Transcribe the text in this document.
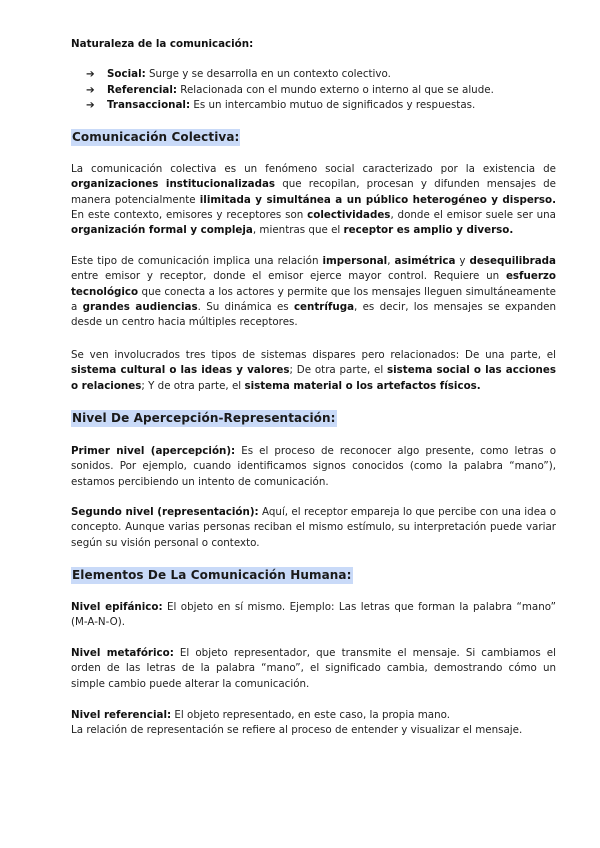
Naturaleza de la comunicación:

➔ Social: Surge y se desarrolla en un contexto colectivo.
➔ Referencial: Relacionada con el mundo externo o interno al que se alude.
➔ Transaccional: Es un intercambio mutuo de significados y respuestas.
Comunicación Colectiva:

La comunicación colectiva es un fenómeno social caracterizado por la existencia de organizaciones institucionalizadas que recopilan, procesan y difunden mensajes de manera potencialmente ilimitada y simultánea a un público heterogéneo y disperso. En este contexto, emisores y receptores son colectividades, donde el emisor suele ser una organización formal y compleja, mientras que el receptor es amplio y diverso.

Este tipo de comunicación implica una relación impersonal, asimétrica y desequilibrada entre emisor y receptor, donde el emisor ejerce mayor control. Requiere un esfuerzo tecnológico que conecta a los actores y permite que los mensajes lleguen simultáneamente a grandes audiencias. Su dinámica es centrífuga, es decir, los mensajes se expanden desde un centro hacia múltiples receptores.

Se ven involucrados tres tipos de sistemas dispares pero relacionados: De una parte, el sistema cultural o las ideas y valores; De otra parte, el sistema social o las acciones o relaciones; Y de otra parte, el sistema material o los artefactos físicos.

Nivel De Apercepción-Representación:

Primer nivel (apercepción): Es el proceso de reconocer algo presente, como letras o sonidos. Por ejemplo, cuando identificamos signos conocidos (como la palabra “mano”), estamos percibiendo un intento de comunicación.

Segundo nivel (representación): Aquí, el receptor empareja lo que percibe con una idea o concepto. Aunque varias personas reciban el mismo estímulo, su interpretación puede variar según su visión personal o contexto.

Elementos De La Comunicación Humana:

Nivel epifánico: El objeto en sí mismo. Ejemplo: Las letras que forman la palabra “mano” (M-A-N-O).

Nivel metafórico: El objeto representador, que transmite el mensaje. Si cambiamos el orden de las letras de la palabra “mano”, el significado cambia, demostrando cómo un simple cambio puede alterar la comunicación.

Nivel referencial: El objeto representado, en este caso, la propia mano.

La relación de representación se refiere al proceso de entender y visualizar el mensaje.
